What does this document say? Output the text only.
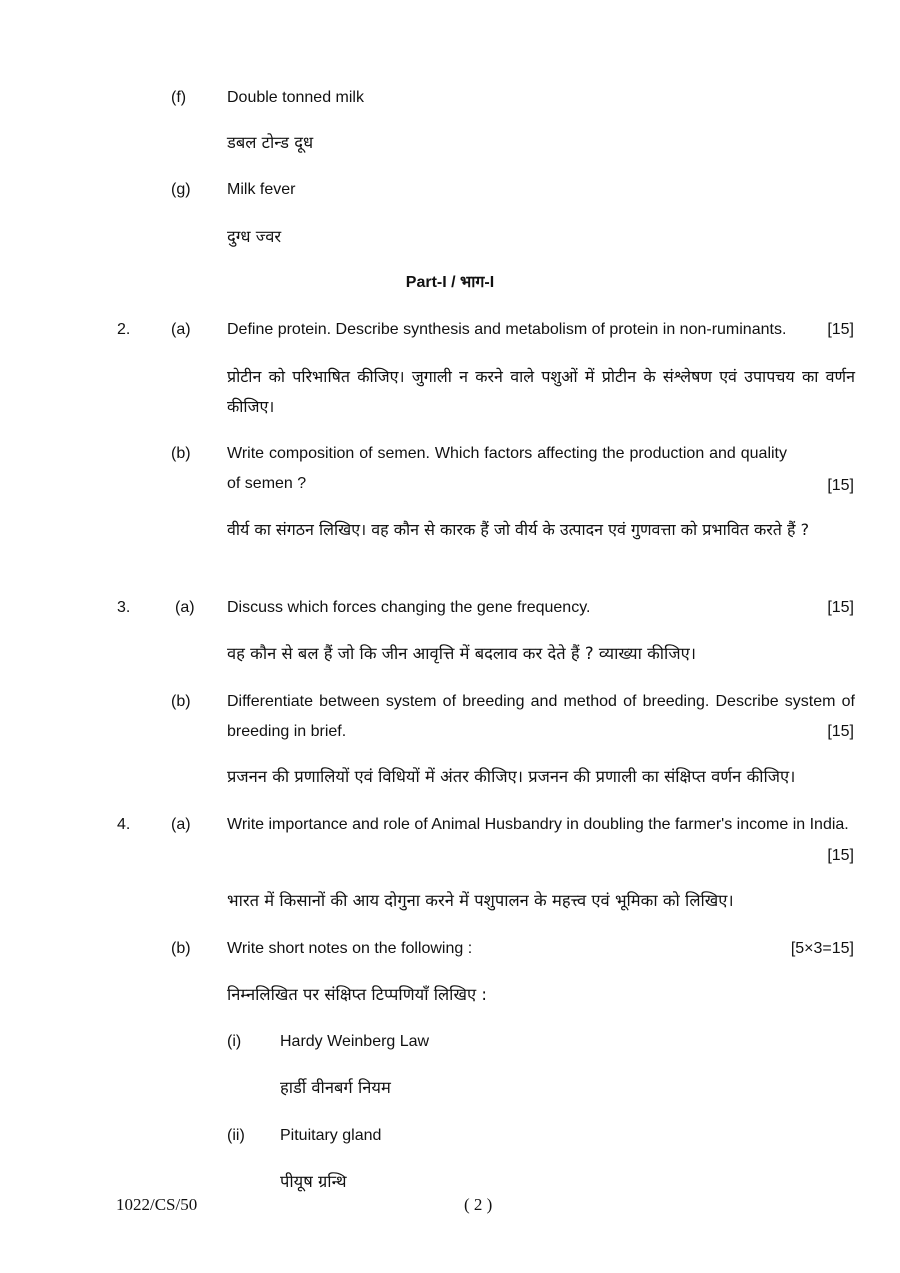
(f)	Double tonned milk
डबल टोन्ड दूध
(g) Milk fever
दुग्ध ज्वर
Part-I / भाग-I
2.	(a) Define protein. Describe synthesis and metabolism of protein in non-ruminants.	[15]
प्रोटीन को परिभाषित कीजिए। जुगाली न करने वाले पशुओं में प्रोटीन के संश्लेषण एवं उपापचय का वर्णन कीजिए।
(b) Write composition of semen. Which factors affecting the production and quality of semen ?	[15]
वीर्य का संगठन लिखिए। वह कौन से कारक हैं जो वीर्य के उत्पादन एवं गुणवत्ता को प्रभावित करते हैं ?
3.	(a) Discuss which forces changing the gene frequency.	[15]
वह कौन से बल हैं जो कि जीन आवृत्ति में बदलाव कर देते हैं ? व्याख्या कीजिए।
(b) Differentiate between system of breeding and method of breeding. Describe system of breeding in brief.	[15]
प्रजनन की प्रणालियों एवं विधियों में अंतर कीजिए। प्रजनन की प्रणाली का संक्षिप्त वर्णन कीजिए।
4.	(a) Write importance and role of Animal Husbandry in doubling the farmer's income in India.
[15]
भारत में किसानों की आय दोगुना करने में पशुपालन के महत्त्व एवं भूमिका को लिखिए।
(b) Write short notes on the following :	[5×3=15]
निम्नलिखित पर संक्षिप्त टिप्पणियाँ लिखिए :
(i) Hardy Weinberg Law
हार्डी वीनबर्ग नियम
(ii) Pituitary gland
पीयूष ग्रन्थि
1022/CS/50	( 2 )
